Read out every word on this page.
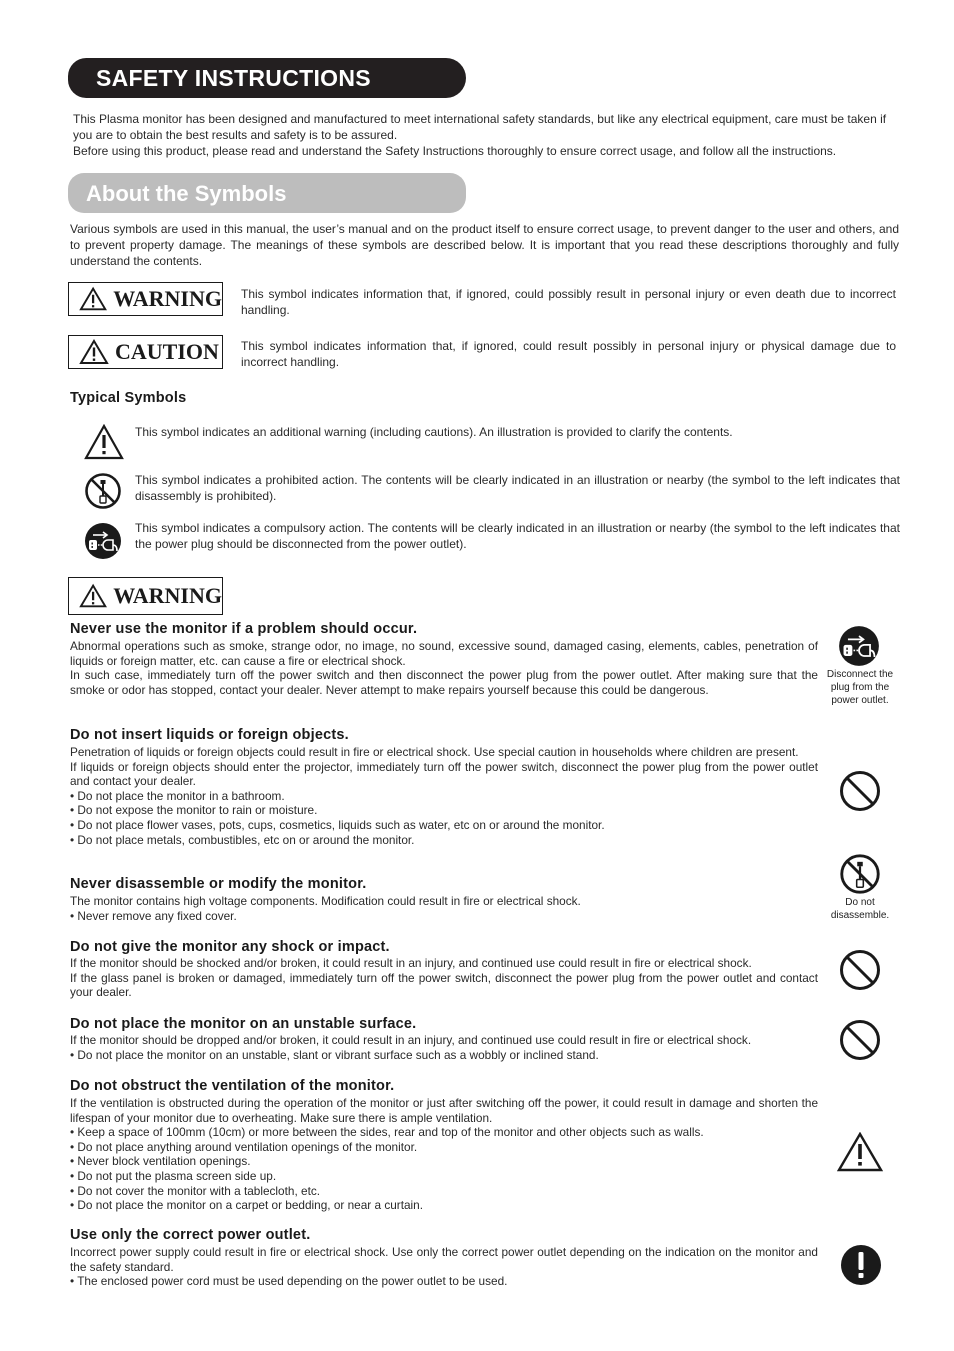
SAFETY INSTRUCTIONS
This Plasma monitor has been designed and manufactured to meet international safety standards, but like any electrical equipment, care must be taken if you are to obtain the best results and safety is to be assured.
Before using this product, please read and understand the Safety Instructions thoroughly to ensure correct usage, and follow all the instructions.
About the Symbols
Various symbols are used in this manual, the user’s manual and on the product itself to ensure correct usage, to prevent danger to the user and others, and to prevent property damage. The meanings of these symbols are described below. It is important that you read these descriptions thoroughly and fully understand the contents.
WARNING This symbol indicates information that, if ignored, could possibly result in personal injury or even death due to incorrect handling.
CAUTION This symbol indicates information that, if ignored, could result possibly in personal injury or physical damage due to incorrect handling.
Typical Symbols
This symbol indicates an additional warning (including cautions). An illustration is provided to clarify the contents.
This symbol indicates a prohibited action. The contents will be clearly indicated in an illustration or nearby (the symbol to the left indicates that disassembly is prohibited).
This symbol indicates a compulsory action. The contents will be clearly indicated in an illustration or nearby (the symbol to the left indicates that the power plug should be disconnected from the power outlet).
WARNING
Never use the monitor if a problem should occur.
Abnormal operations such as smoke, strange odor, no image, no sound, excessive sound, damaged casing, elements, cables, penetration of liquids or foreign matter, etc. can cause a fire or electrical shock.
In such case, immediately turn off the power switch and then disconnect the power plug from the power outlet. After making sure that the smoke or odor has stopped, contact your dealer. Never attempt to make repairs yourself because this could be dangerous.
Disconnect the plug from the power outlet.
Do not insert liquids or foreign objects.
Penetration of liquids or foreign objects could result in fire or electrical shock. Use special caution in households where children are present.
If liquids or foreign objects should enter the projector, immediately turn off the power switch, disconnect the power plug from the power outlet and contact your dealer.
• Do not place the monitor in a bathroom.
• Do not expose the monitor to rain or moisture.
• Do not place flower vases, pots, cups, cosmetics, liquids such as water, etc on or around the monitor.
• Do not place metals, combustibles, etc on or around the monitor.
Never disassemble or modify the monitor.
The monitor contains high voltage components. Modification could result in fire or electrical shock.
• Never remove any fixed cover.
Do not disassemble.
Do not give the monitor any shock or impact.
If the monitor should be shocked and/or broken, it could result in an injury, and continued use could result in fire or electrical shock.
If the glass panel is broken or damaged, immediately turn off the power switch, disconnect the power plug from the power outlet and contact your dealer.
Do not place the monitor on an unstable surface.
If the monitor should be dropped and/or broken, it could result in an injury, and continued use could result in fire or electrical shock.
• Do not place the monitor on an unstable, slant or vibrant surface such as a wobbly or inclined stand.
Do not obstruct the ventilation of the monitor.
If the ventilation is obstructed during the operation of the monitor or just after switching off the power, it could result in damage and shorten the lifespan of your monitor due to overheating. Make sure there is ample ventilation.
• Keep a space of 100mm (10cm) or more between the sides, rear and top of the monitor and other objects such as walls.
• Do not place anything around ventilation openings of the monitor.
• Never block ventilation openings.
• Do not put the plasma screen side up.
• Do not cover the monitor with a tablecloth, etc.
• Do not place the monitor on a carpet or bedding, or near a curtain.
Use only the correct power outlet.
Incorrect power supply could result in fire or electrical shock. Use only the correct power outlet depending on the indication on the monitor and the safety standard.
• The enclosed power cord must be used depending on the power outlet to be used.
